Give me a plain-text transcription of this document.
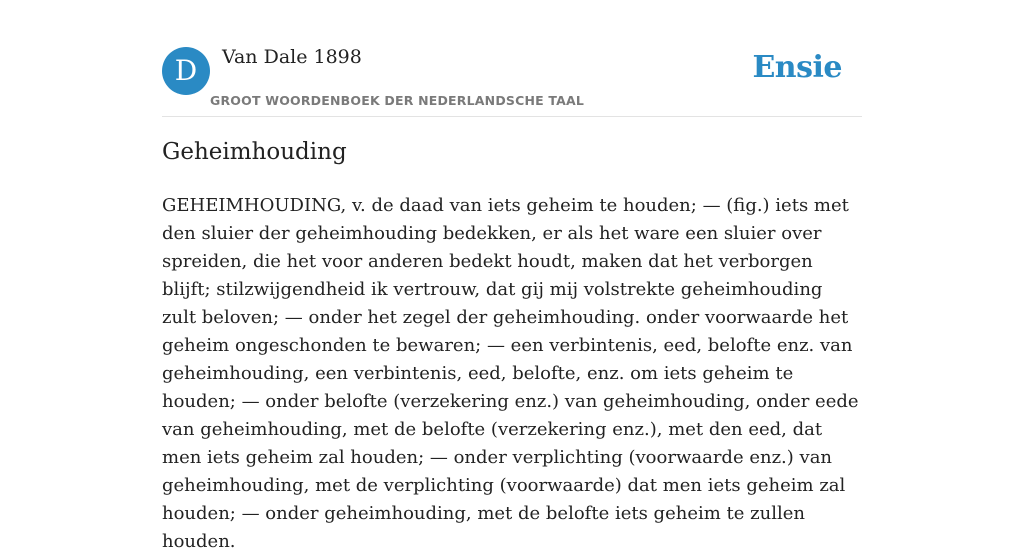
D	Van Dale 1898
GROOT WOORDENBOEK DER NEDERLANDSCHE TAAL
Ensie
Geheimhouding

GEHEIMHOUDING, v. de daad van iets geheim te houden; — (fig.) iets met den sluier der geheimhouding bedekken, er als het ware een sluier over spreiden, die het voor anderen bedekt houdt, maken dat het verborgen blijft; stilzwijgendheid ik vertrouw, dat gij mij volstrekte geheimhouding zult beloven; — onder het zegel der geheimhouding. onder voorwaarde het geheim ongeschonden te bewaren; — een verbintenis, eed, belofte enz. van geheimhouding, een verbintenis, eed, belofte, enz. om iets geheim te houden; — onder belofte (verzekering enz.) van geheimhouding, onder eede van geheimhouding, met de belofte (verzekering enz.), met den eed, dat men iets geheim zal houden; — onder verplichting (voorwaarde enz.) van geheimhouding, met de verplichting (voorwaarde) dat men iets geheim zal houden; — onder geheimhouding, met de belofte iets geheim te zullen houden.
